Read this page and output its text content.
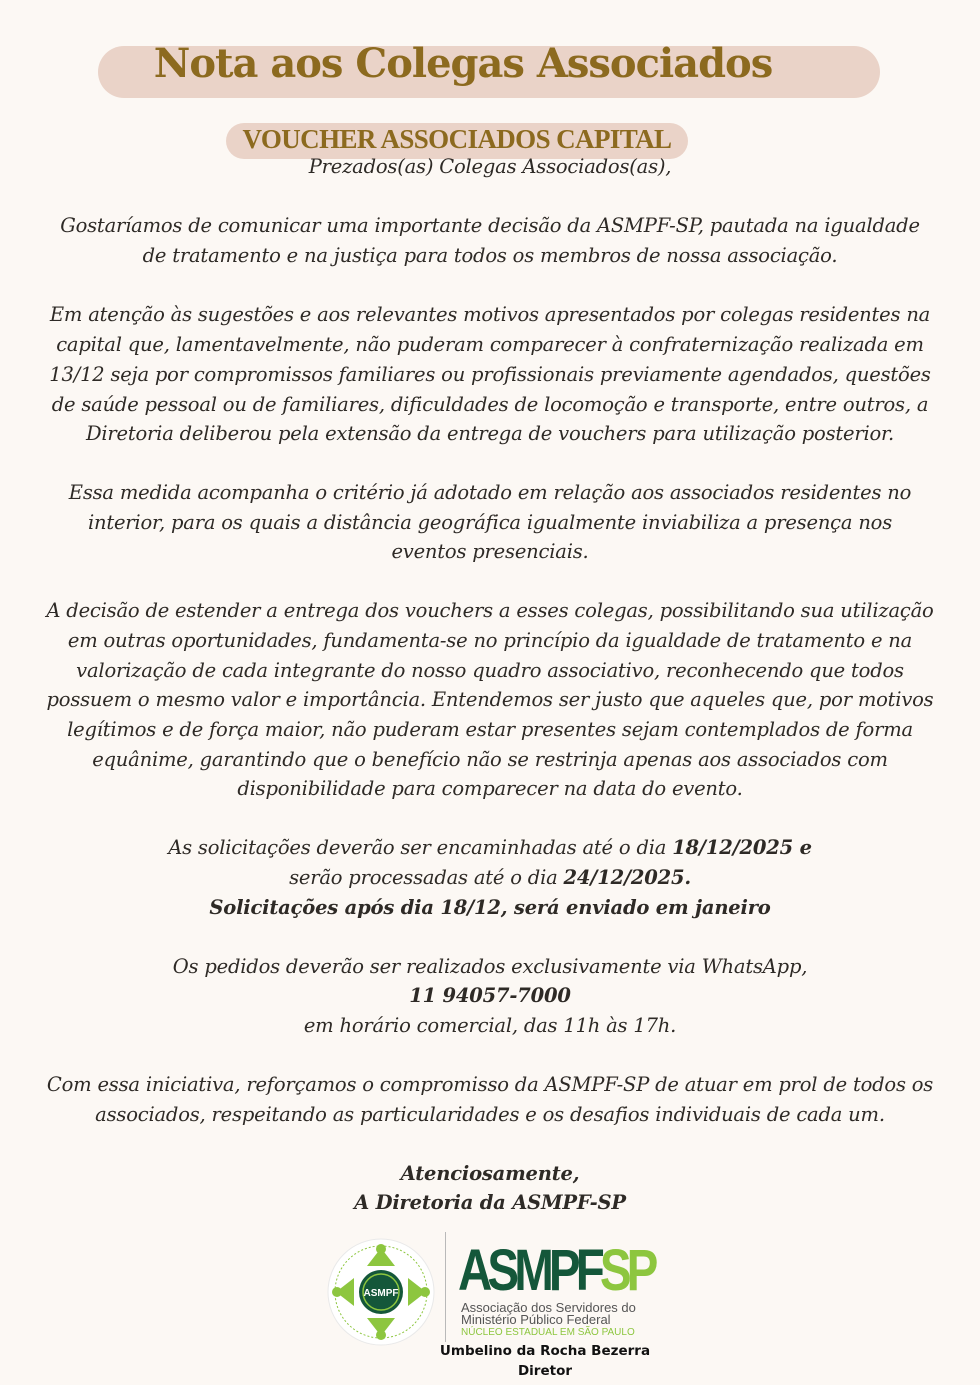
Nota aos Colegas Associados
VOUCHER ASSOCIADOS CAPITAL
Prezados(as) Colegas Associados(as),
Gostaríamos de comunicar uma importante decisão da ASMPF-SP, pautada na igualdade
de tratamento e na justiça para todos os membros de nossa associação.
Em atenção às sugestões e aos relevantes motivos apresentados por colegas residentes na
capital que, lamentavelmente, não puderam comparecer à confraternização realizada em
13/12 seja por compromissos familiares ou profissionais previamente agendados, questões
de saúde pessoal ou de familiares, dificuldades de locomoção e transporte, entre outros, a
Diretoria deliberou pela extensão da entrega de vouchers para utilização posterior.
Essa medida acompanha o critério já adotado em relação aos associados residentes no
interior, para os quais a distância geográfica igualmente inviabiliza a presença nos
eventos presenciais.
A decisão de estender a entrega dos vouchers a esses colegas, possibilitando sua utilização
em outras oportunidades, fundamenta-se no princípio da igualdade de tratamento e na
valorização de cada integrante do nosso quadro associativo, reconhecendo que todos
possuem o mesmo valor e importância. Entendemos ser justo que aqueles que, por motivos
legítimos e de força maior, não puderam estar presentes sejam contemplados de forma
equânime, garantindo que o benefício não se restrinja apenas aos associados com
disponibilidade para comparecer na data do evento.
As solicitações deverão ser encaminhadas até o dia 18/12/2025 e
serão processadas até o dia 24/12/2025.
Solicitações após dia 18/12, será enviado em janeiro
Os pedidos deverão ser realizados exclusivamente via WhatsApp,
11 94057-7000
em horário comercial, das 11h às 17h.
Com essa iniciativa, reforçamos o compromisso da ASMPF-SP de atuar em prol de todos os
associados, respeitando as particularidades e os desafios individuais de cada um.
Atenciosamente,
A Diretoria da ASMPF-SP
ASMPF ASMPFSP
Associação dos Servidores do
Ministério Público Federal
NÚCLEO ESTADUAL EM SÃO PAULO
Umbelino da Rocha Bezerra
Diretor
